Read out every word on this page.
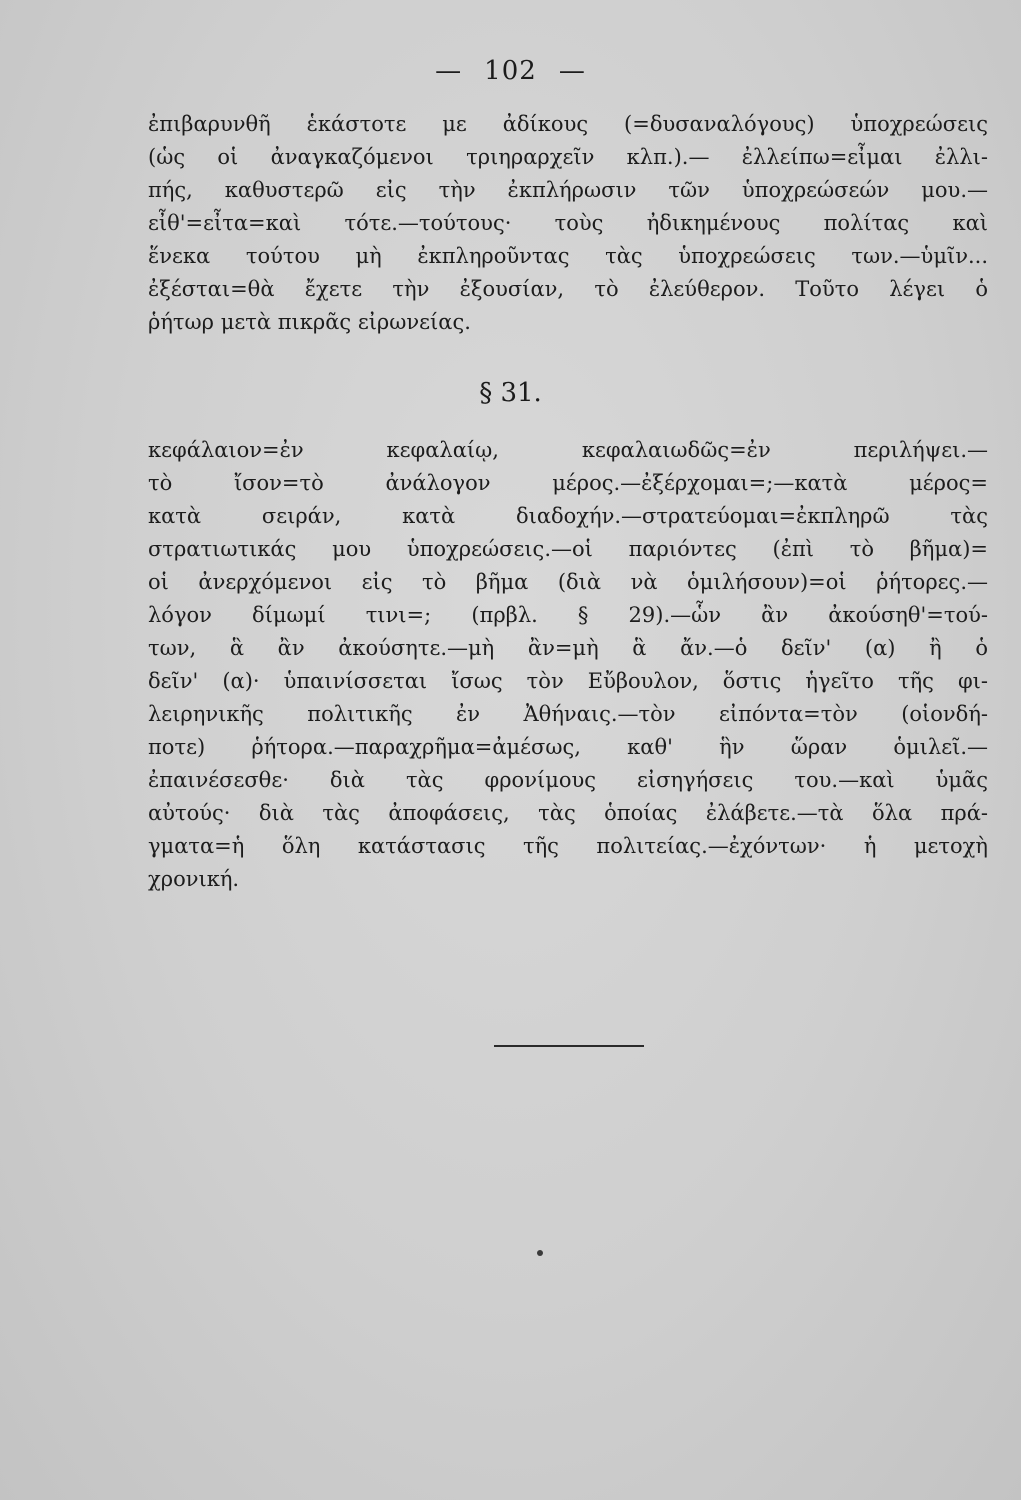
— 102 —
ἐπιβαρυνθῆ ἑκάστοτε με ἀδίκους (=δυσαναλόγους) ὑποχρεώσεις
(ὡς οἱ ἀναγκαζόμενοι τριηραρχεῖν κλπ.).— ἐλλείπω=εἶμαι ἐλλι-
πής, καθυστερῶ εἰς τὴν ἐκπλήρωσιν τῶν ὑποχρεώσεών μου.—
εἶθ'=εἶτα=καὶ τότε.—τούτους· τοὺς ἠδικημένους πολίτας καὶ
ἕνεκα τούτου μὴ ἐκπληροῦντας τὰς ὑποχρεώσεις των.—ὑμῖν...
ἐξέσται=θὰ ἔχετε τὴν ἐξουσίαν, τὸ ἐλεύθερον. Τοῦτο λέγει ὁ
ῥήτωρ μετὰ πικρᾶς εἰρωνείας.
§ 31.
κεφάλαιον=ἐν κεφαλαίῳ, κεφαλαιωδῶς=ἐν περιλήψει.—
τὸ ἴσον=τὸ ἀνάλογον μέρος.—ἐξέρχομαι=;—κατὰ μέρος=
κατὰ σειράν, κατὰ διαδοχήν.—στρατεύομαι=ἐκπληρῶ τὰς
στρατιωτικάς μου ὑποχρεώσεις.—οἱ παριόντες (ἐπὶ τὸ βῆμα)=
οἱ ἀνερχόμενοι εἰς τὸ βῆμα (διὰ νὰ ὁμιλήσουν)=οἱ ῥήτορες.—
λόγον δίμωμί τινι=; (πρβλ. § 29).—ὧν ἂν ἀκούσηθ'=τού-
των, ἃ ἂν ἀκούσητε.—μὴ ἂν=μὴ ἃ ἄν.—ὁ δεῖν' (α) ἢ ὁ
δεῖν' (α)· ὑπαινίσσεται ἴσως τὸν Εὔβουλον, ὅστις ἡγεῖτο τῆς φι-
λειρηνικῆς πολιτικῆς ἐν Ἀθήναις.—τὸν εἰπόντα=τὸν (οἱονδή-
ποτε) ῥήτορα.—παραχρῆμα=ἀμέσως, καθ' ἣν ὥραν ὁμιλεῖ.—
ἐπαινέσεσθε· διὰ τὰς φρονίμους εἰσηγήσεις του.—καὶ ὑμᾶς
αὐτούς· διὰ τὰς ἀποφάσεις, τὰς ὁποίας ἐλάβετε.—τὰ ὅλα πρά-
γματα=ἡ ὅλη κατάστασις τῆς πολιτείας.—ἐχόντων· ἡ μετοχὴ
χρονική.
